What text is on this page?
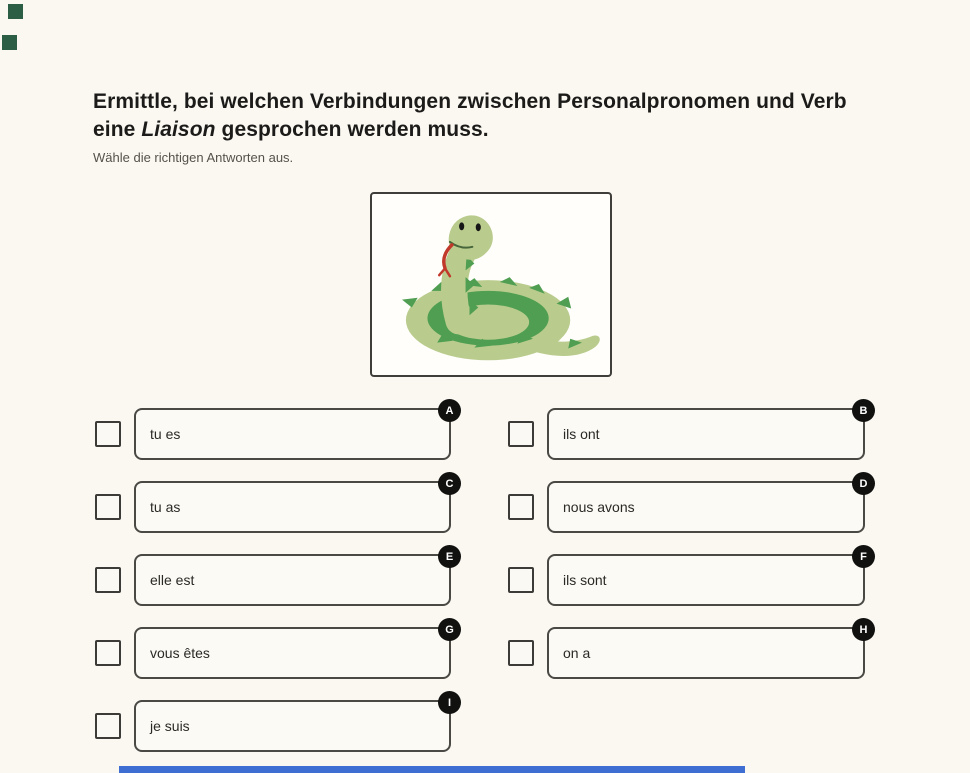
Ermittle, bei welchen Verbindungen zwischen Personalpronomen und Verb eine Liaison gesprochen werden muss.

Wähle die richtigen Antworten aus.

tu es
A
ils ont
B
tu as
C
nous avons
D
elle est
E
ils sont
F
vous êtes
G
on a
H
je suis
I
